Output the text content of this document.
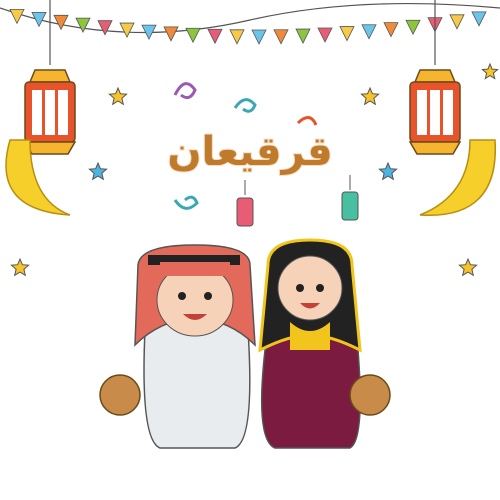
قرقيعان
